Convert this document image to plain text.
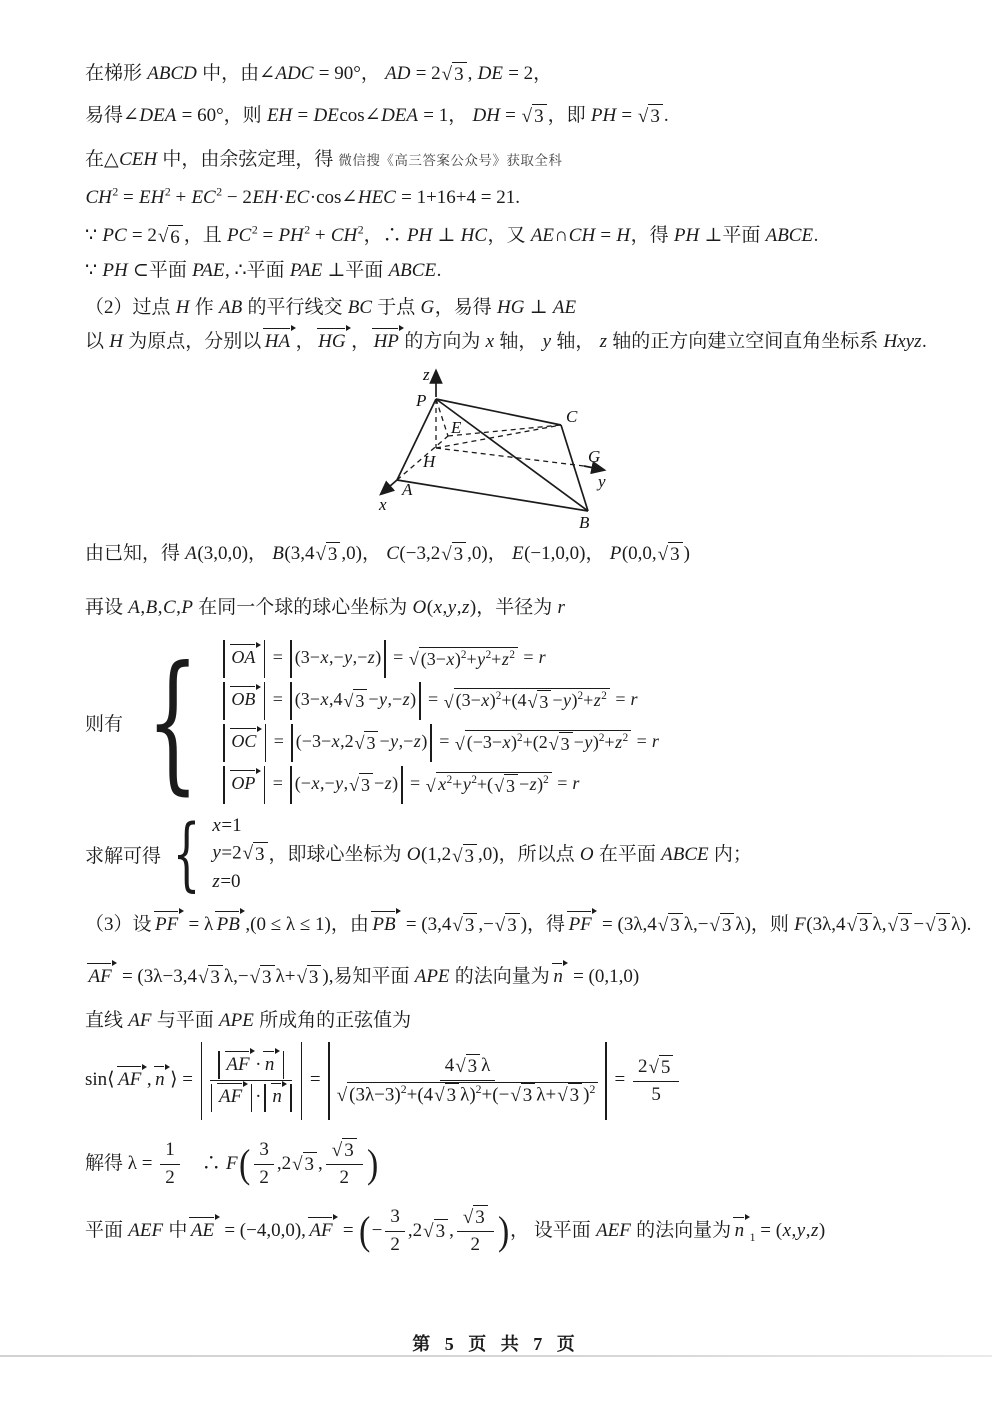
在梯形 ABCD 中，由∠ADC = 90°， AD = 2 √ 3 , DE = 2，
易得∠DEA = 60°，则 EH = DEcos∠DEA = 1， DH = √ 3 ，即 PH = √ 3 .
在△CEH 中，由余弦定理，得 微信搜《高三答案公众号》获取全科
$CH^2 = EH^2 + EC^2$ − 2EH·EC·cos∠HEC = 1+16+4 = 21.
∵ PC = 2 √ 6 ，且 $PC^2 = PH^2 + CH^2$，∴ PH ⊥ HC，又 AE∩CH = H，得 PH ⊥平面 ABCE.
∵ PH ⊂平面 PAE, ∴平面 PAE ⊥平面 ABCE.
（2）过点 H 作 AB 的平行线交 BC 于点 G，易得 HG ⊥ AE
以 H 为原点，分别以 HA ， HG ， HP 的方向为 x 轴， y 轴， z 轴的正方向建立空间直角坐标系 Hxyz.
P
z
E
H
A
x
C
G
y
B
由已知，得 A(3,0,0)， B(3,4 √ 3 ,0)， C(−3,2 √ 3 ,0)， E(−1,0,0)， P(0,0, √ 3 )
再设 A,B,C,P 在同一个球的球心坐标为 O(x,y,z)，半径为 r
则有 {	OA = (3−x,−y,−z) = √ $(3-x)^2+y^2+z^2 = r$
OB = (3−x,4 √ 3 −y,−z) = √ $(3-x)^2+(4$ √ $3 -y)^2+z^2 = r$
OC = (−3−x,2 √ 3 −y,−z) = √ $(-3-x)^2+(2$ √ $3 -y)^2+z^2 = r$
OP = (−x,−y, √ 3 −z) = √ $x^2+y^2+$( √ 3 −z)$^2$ = r
求解可得 { x=1
y=2 √ 3
z=0
，即球心坐标为 O(1,2 √ 3 ,0)，所以点 O 在平面 ABCE 内；
（3）设 PF = λ PB ,(0 ≤ λ ≤ 1)，由 PB = (3,4 √ 3 ,− √ 3 )，得 PF = (3λ,4 √ 3 λ,− √ 3 λ)，则 F(3λ,4 √ 3 λ, √ 3 − √ 3 λ).
AF = (3λ−3,4 √ 3 λ,− √ 3 λ+ √ 3 ),易知平面 APE 的法向量为 n = (0,1,0)
直线 AF 与平面 APE 所成角的正弦值为
sin⟨ AF , n ⟩ = $\frac{AF \cdot n}{AF \cdot n} = \frac{4 √ 3 \lambda}{√ (3\lambda-3)^2+(4 √ 3 \lambda)^2+(- √ 3 \lambda+ √ 3 )^2} = \frac{2 √ 5}{5}$
解得 $\lambda = \frac{1}{2}$ 　∴ F ( $\frac{3}{2} ,2$ √ 3 , $\frac{√ 3}{2}$ )
平面 AEF 中 AE = (−4,0,0), AF = ( − $\frac{3}{2} ,2$ √ 3 , $\frac{√ 3}{2}$ ) ， 设平面 AEF 的法向量为 n $_1$ = (x,y,z)
第 5 页 共 7 页
